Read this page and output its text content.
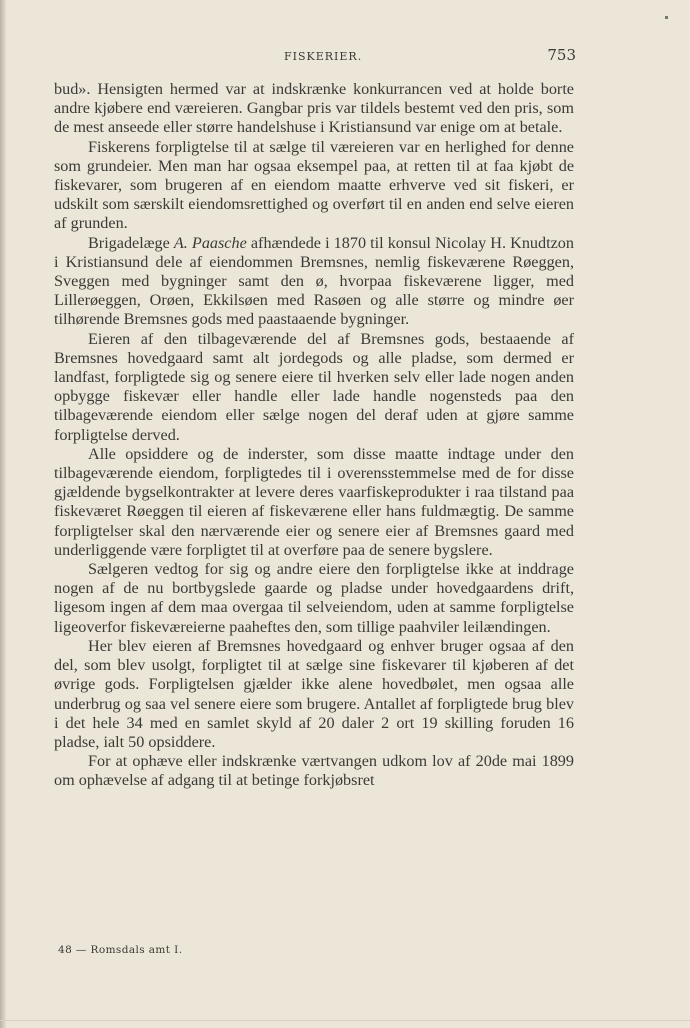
FISKERIER.	753

bud». Hensigten hermed var at indskrænke konkurrancen ved at holde borte andre kjøbere end væreieren. Gangbar pris var tildels bestemt ved den pris, som de mest anseede eller større handelshuse i Kristiansund var enige om at betale.

Fiskerens forpligtelse til at sælge til væreieren var en herlighed for denne som grundeier. Men man har ogsaa eksempel paa, at retten til at faa kjøbt de fiskevarer, som brugeren af en eiendom maatte erhverve ved sit fiskeri, er udskilt som særskilt eiendomsrettighed og overført til en anden end selve eieren af grunden.

Brigadelæge A. Paasche afhændede i 1870 til konsul Nicolay H. Knudtzon i Kristiansund dele af eiendommen Bremsnes, nemlig fiskeværene Røeggen, Sveggen med bygninger samt den ø, hvorpaa fiskeværene ligger, med Lillerøeggen, Orøen, Ekkilsøen med Rasøen og alle større og mindre øer tilhørende Bremsnes gods med paastaaende bygninger.

Eieren af den tilbageværende del af Bremsnes gods, bestaaende af Bremsnes hovedgaard samt alt jordegods og alle pladse, som dermed er landfast, forpligtede sig og senere eiere til hverken selv eller lade nogen anden opbygge fiskevær eller handle eller lade handle nogensteds paa den tilbageværende eiendom eller sælge nogen del deraf uden at gjøre samme forpligtelse derved.

Alle opsiddere og de inderster, som disse maatte indtage under den tilbageværende eiendom, forpligtedes til i overensstemmelse med de for disse gjældende bygselkontrakter at levere deres vaarfiskeprodukter i raa tilstand paa fiskeværet Røeggen til eieren af fiskeværene eller hans fuldmægtig. De samme forpligtelser skal den nærværende eier og senere eier af Bremsnes gaard med underliggende være forpligtet til at overføre paa de senere bygslere.

Sælgeren vedtog for sig og andre eiere den forpligtelse ikke at inddrage nogen af de nu bortbygslede gaarde og pladse under hovedgaardens drift, ligesom ingen af dem maa overgaa til selveiendom, uden at samme forpligtelse ligeoverfor fiskeværeierne paaheftes den, som tillige paahviler leilændingen.

Her blev eieren af Bremsnes hovedgaard og enhver bruger ogsaa af den del, som blev usolgt, forpligtet til at sælge sine fiskevarer til kjøberen af det øvrige gods. Forpligtelsen gjælder ikke alene hovedbølet, men ogsaa alle underbrug og saa vel senere eiere som brugere. Antallet af forpligtede brug blev i det hele 34 med en samlet skyld af 20 daler 2 ort 19 skilling foruden 16 pladse, ialt 50 opsiddere.

For at ophæve eller indskrænke værtvangen udkom lov af 20de mai 1899 om ophævelse af adgang til at betinge forkjøbsret

48 — Romsdals amt I.
